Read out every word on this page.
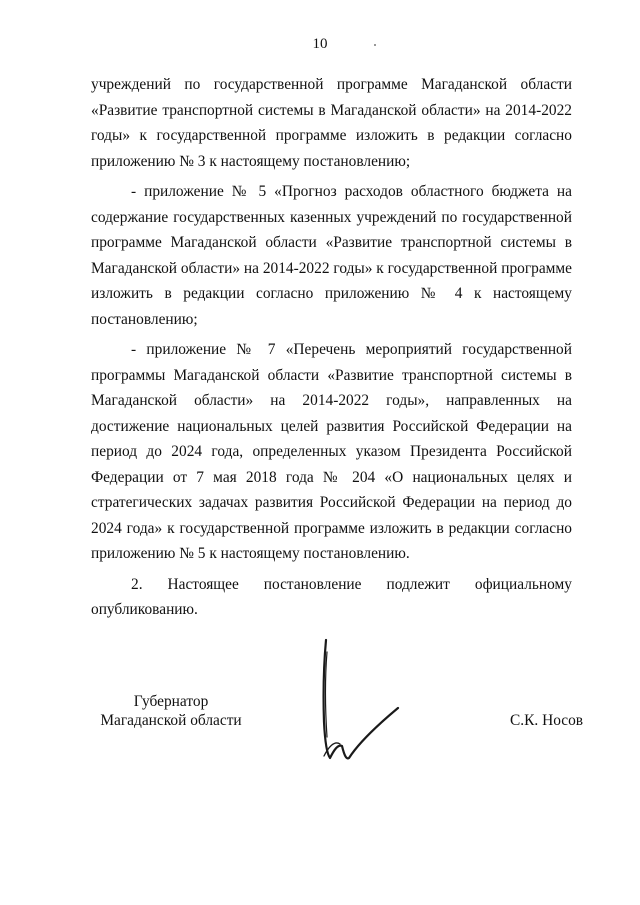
10

учреждений по государственной программе Магаданской области «Развитие транспортной системы в Магаданской области» на 2014-2022 годы» к государственной программе изложить в редакции согласно приложению № 3 к настоящему постановлению;

- приложение № 5 «Прогноз расходов областного бюджета на содержание государственных казенных учреждений по государственной программе Магаданской области «Развитие транспортной системы в Магаданской области» на 2014-2022 годы» к государственной программе изложить в редакции согласно приложению № 4 к настоящему постановлению;

- приложение № 7 «Перечень мероприятий государственной программы Магаданской области «Развитие транспортной системы в Магаданской области» на 2014-2022 годы», направленных на достижение национальных целей развития Российской Федерации на период до 2024 года, определенных указом Президента Российской Федерации от 7 мая 2018 года № 204 «О национальных целях и стратегических задачах развития Российской Федерации на период до 2024 года» к государственной программе изложить в редакции согласно приложению № 5 к настоящему постановлению.

2. Настоящее постановление подлежит официальному опубликованию.

Губернатор
Магаданской области	С.К. Носов
